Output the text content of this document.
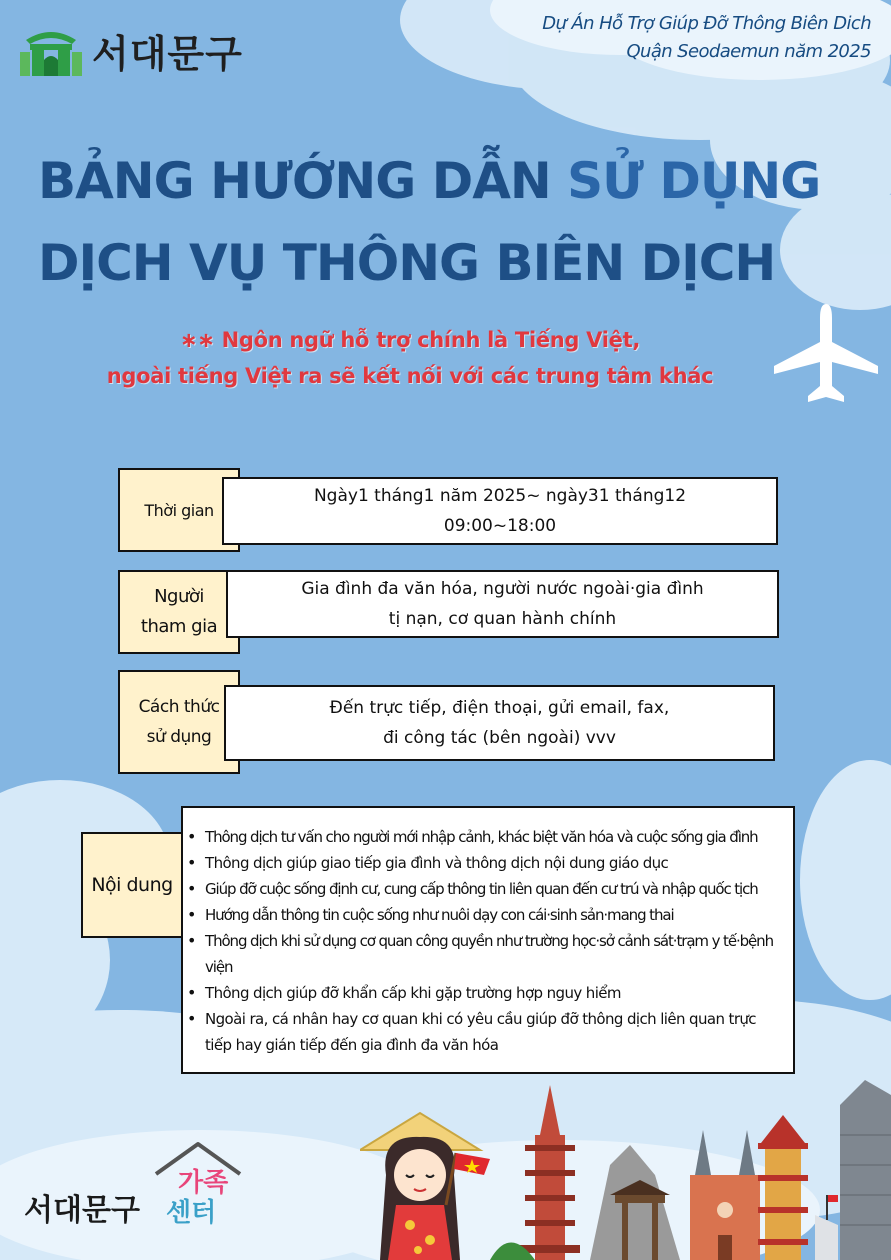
서대문구
Dự Án Hỗ Trợ Giúp Đỡ Thông Biên Dich
Quận Seodaemun năm 2025
BẢNG HƯỚNG DẪN SỬ DỤNG
DỊCH VỤ THÔNG BIÊN DỊCH
∗∗ Ngôn ngữ hỗ trợ chính là Tiếng Việt,
ngoài tiếng Việt ra sẽ kết nối với các trung tâm khác
Thời gian
Ngày1 tháng1 năm 2025~ ngày31 tháng12
09:00~18:00
Người
tham gia
Gia đình đa văn hóa, người nước ngoài·gia đình
tị nạn, cơ quan hành chính
Cách thức
sử dụng
Đến trực tiếp, điện thoại, gửi email, fax,
đi công tác (bên ngoài) vvv
Nội dung
• Thông dịch tư vấn cho người mới nhập cảnh, khác biệt văn hóa và cuộc sống gia đình
• Thông dịch giúp giao tiếp gia đình và thông dịch nội dung giáo dục
• Giúp đỡ cuộc sống định cư, cung cấp thông tin liên quan đến cư trú và nhập quốc tịch
• Hướng dẫn thông tin cuộc sống như nuôi dạy con cái·sinh sản·mang thai
• Thông dịch khi sử dụng cơ quan công quyền như trường học·sở cảnh sát·trạm y tế·bệnh viện
• Thông dịch giúp đỡ khẩn cấp khi gặp trường hợp nguy hiểm
• Ngoài ra, cá nhân hay cơ quan khi có yêu cầu giúp đỡ thông dịch liên quan trực tiếp hay gián tiếp đến gia đình đa văn hóa
서대문구
가족
센터
